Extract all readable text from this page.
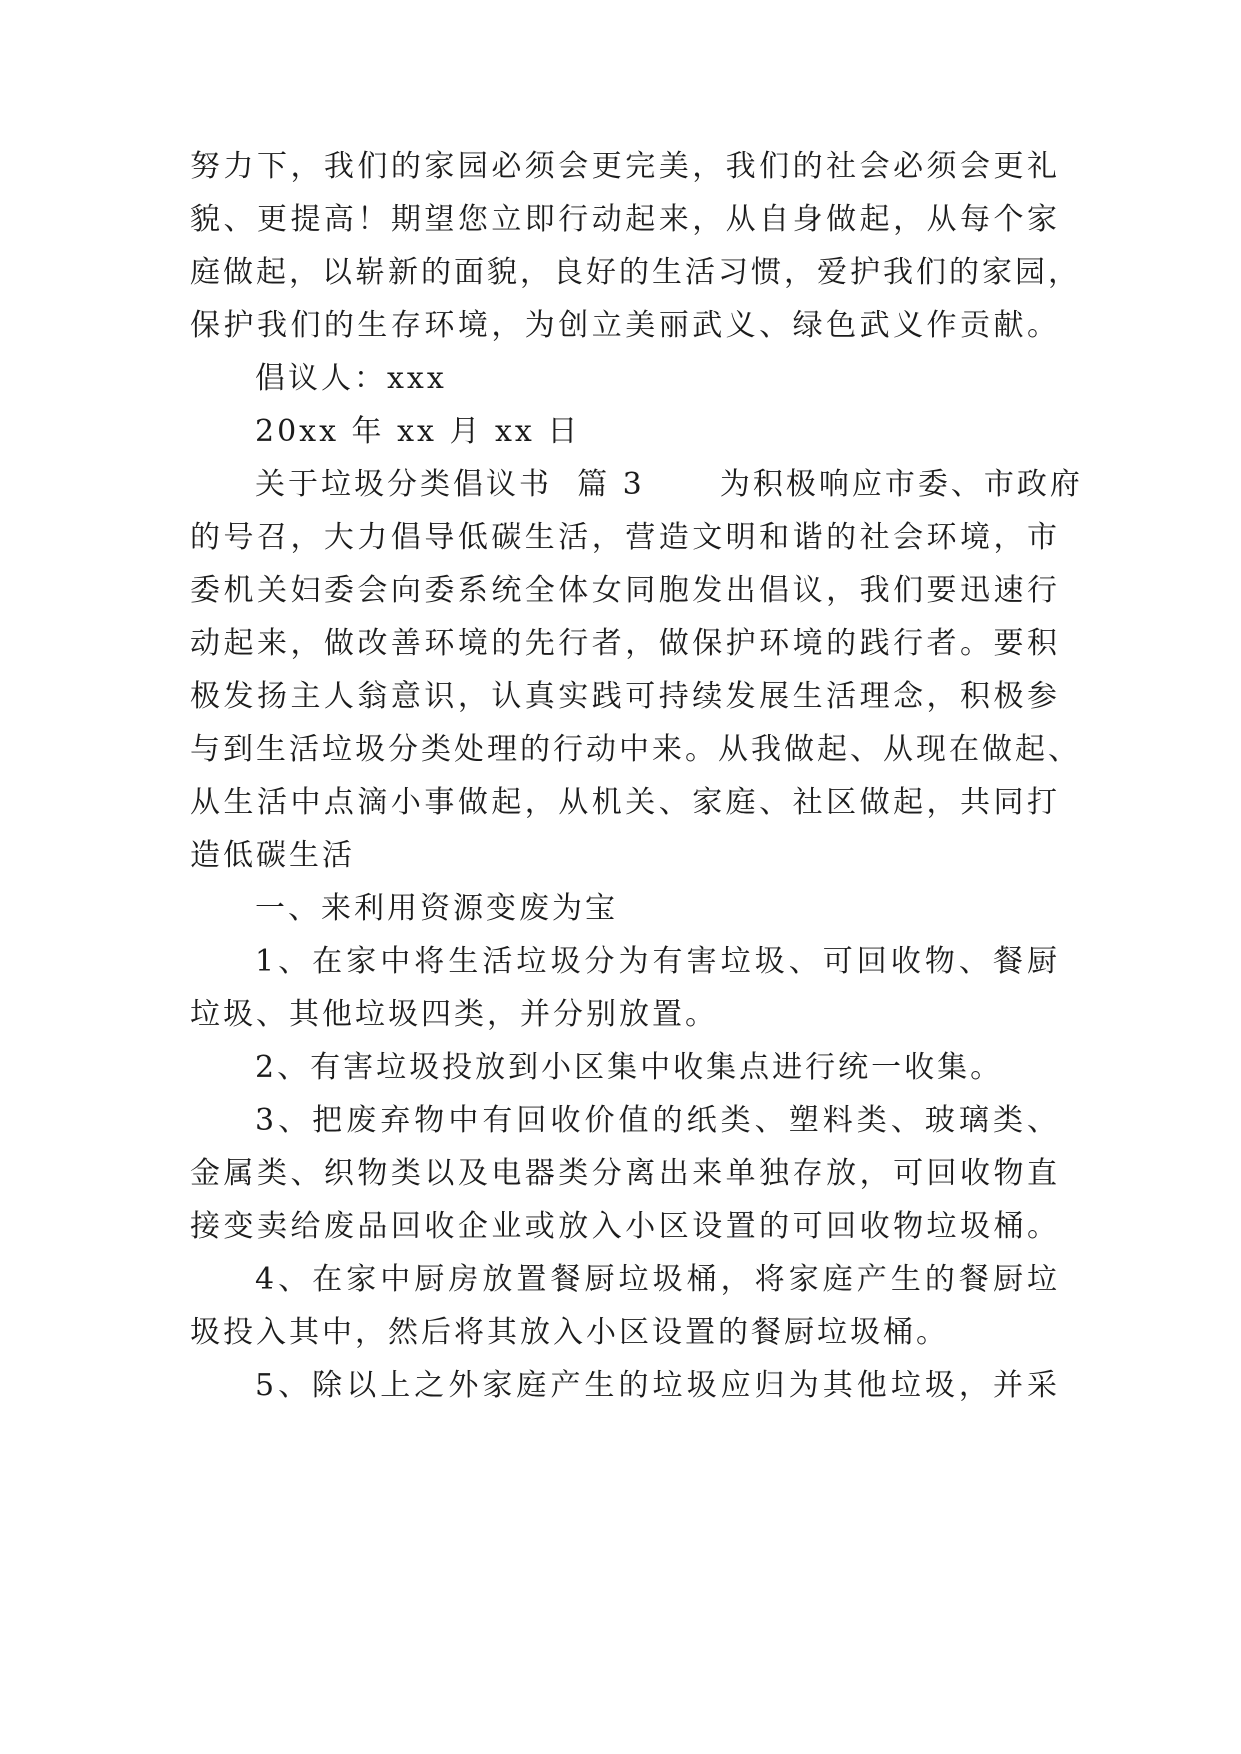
努力下，我们的家园必须会更完美，我们的社会必须会更礼
貌、更提高！期望您立即行动起来，从自身做起，从每个家
庭做起，以崭新的面貌，良好的生活习惯，爱护我们的家园，
保护我们的生存环境，为创立美丽武义、绿色武义作贡献。
倡议人：xxx
20xx 年 xx 月 xx 日
关于垃圾分类倡议书  篇 3      为积极响应市委、市政府
的号召，大力倡导低碳生活，营造文明和谐的社会环境，市
委机关妇委会向委系统全体女同胞发出倡议，我们要迅速行
动起来，做改善环境的先行者，做保护环境的践行者。要积
极发扬主人翁意识，认真实践可持续发展生活理念，积极参
与到生活垃圾分类处理的行动中来。从我做起、从现在做起、
从生活中点滴小事做起，从机关、家庭、社区做起，共同打
造低碳生活
一、来利用资源变废为宝
1、在家中将生活垃圾分为有害垃圾、可回收物、餐厨
垃圾、其他垃圾四类，并分别放置。
2、有害垃圾投放到小区集中收集点进行统一收集。
3、把废弃物中有回收价值的纸类、塑料类、玻璃类、
金属类、织物类以及电器类分离出来单独存放，可回收物直
接变卖给废品回收企业或放入小区设置的可回收物垃圾桶。
4、在家中厨房放置餐厨垃圾桶，将家庭产生的餐厨垃
圾投入其中，然后将其放入小区设置的餐厨垃圾桶。
5、除以上之外家庭产生的垃圾应归为其他垃圾，并采
